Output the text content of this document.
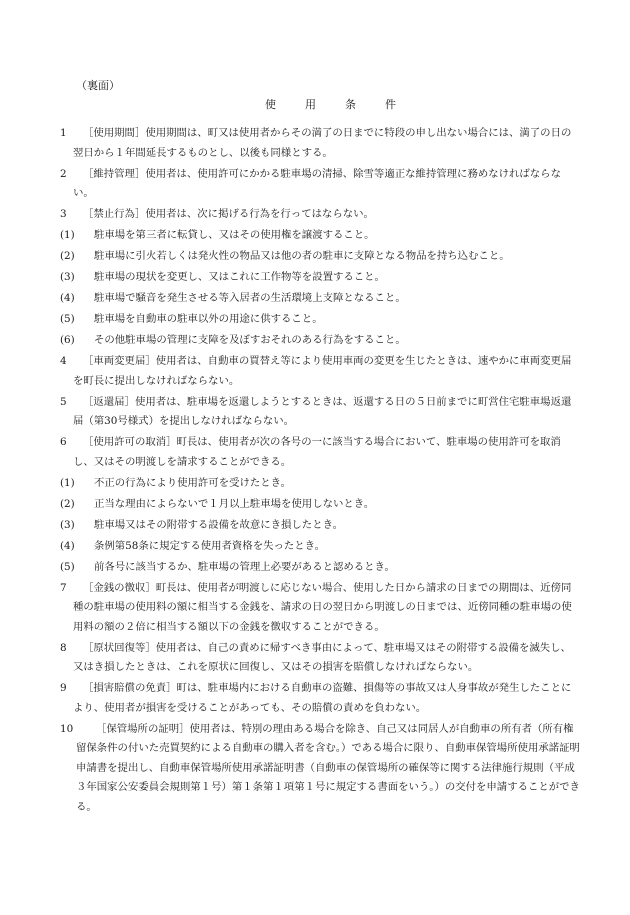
（裏面）
使　用　条　件
1 ［使用期間］使用期間は、町又は使用者からその満了の日までに特段の申し出ない場合には、満了の日の翌日から１年間延長するものとし、以後も同様とする。
2 ［維持管理］使用者は、使用許可にかかる駐車場の清掃、除雪等適正な維持管理に務めなければならない。
3 ［禁止行為］使用者は、次に掲げる行為を行ってはならない。
(1) 駐車場を第三者に転貸し、又はその使用権を譲渡すること。
(2) 駐車場に引火若しくは発火性の物品又は他の者の駐車に支障となる物品を持ち込むこと。
(3) 駐車場の現状を変更し、又はこれに工作物等を設置すること。
(4) 駐車場で騒音を発生させる等入居者の生活環境上支障となること。
(5) 駐車場を自動車の駐車以外の用途に供すること。
(6) その他駐車場の管理に支障を及ぼすおそれのある行為をすること。
4 ［車両変更届］使用者は、自動車の買替え等により使用車両の変更を生じたときは、速やかに車両変更届を町長に提出しなければならない。
5 ［返還届］使用者は、駐車場を返還しようとするときは、返還する日の５日前までに町営住宅駐車場返還届（第30号様式）を提出しなければならない。
6 ［使用許可の取消］町長は、使用者が次の各号の一に該当する場合において、駐車場の使用許可を取消し、又はその明渡しを請求することができる。
(1) 不正の行為により使用許可を受けたとき。
(2) 正当な理由によらないで１月以上駐車場を使用しないとき。
(3) 駐車場又はその附帯する設備を故意にき損したとき。
(4) 条例第58条に規定する使用者資格を失ったとき。
(5) 前各号に該当するか、駐車場の管理上必要があると認めるとき。
7 ［金銭の徴収］町長は、使用者が明渡しに応じない場合、使用した日から請求の日までの期間は、近傍同種の駐車場の使用料の額に相当する金銭を、請求の日の翌日から明渡しの日までは、近傍同種の駐車場の使用料の額の２倍に相当する額以下の金銭を徴収することができる。
8 ［原状回復等］使用者は、自己の責めに帰すべき事由によって、駐車場又はその附帯する設備を滅失し、又はき損したときは、これを原状に回復し、又はその損害を賠償しなければならない。
9 ［損害賠償の免責］町は、駐車場内における自動車の盗難、損傷等の事故又は人身事故が発生したことにより、使用者が損害を受けることがあっても、その賠償の責めを負わない。
10 ［保管場所の証明］使用者は、特別の理由ある場合を除き、自己又は同居人が自動車の所有者（所有権留保条件の付いた売買契約による自動車の購入者を含む。）である場合に限り、自動車保管場所使用承諾証明申請書を提出し、自動車保管場所使用承諾証明書（自動車の保管場所の確保等に関する法律施行規則（平成３年国家公安委員会規則第１号）第１条第１項第１号に規定する書面をいう。）の交付を申請することができる。
